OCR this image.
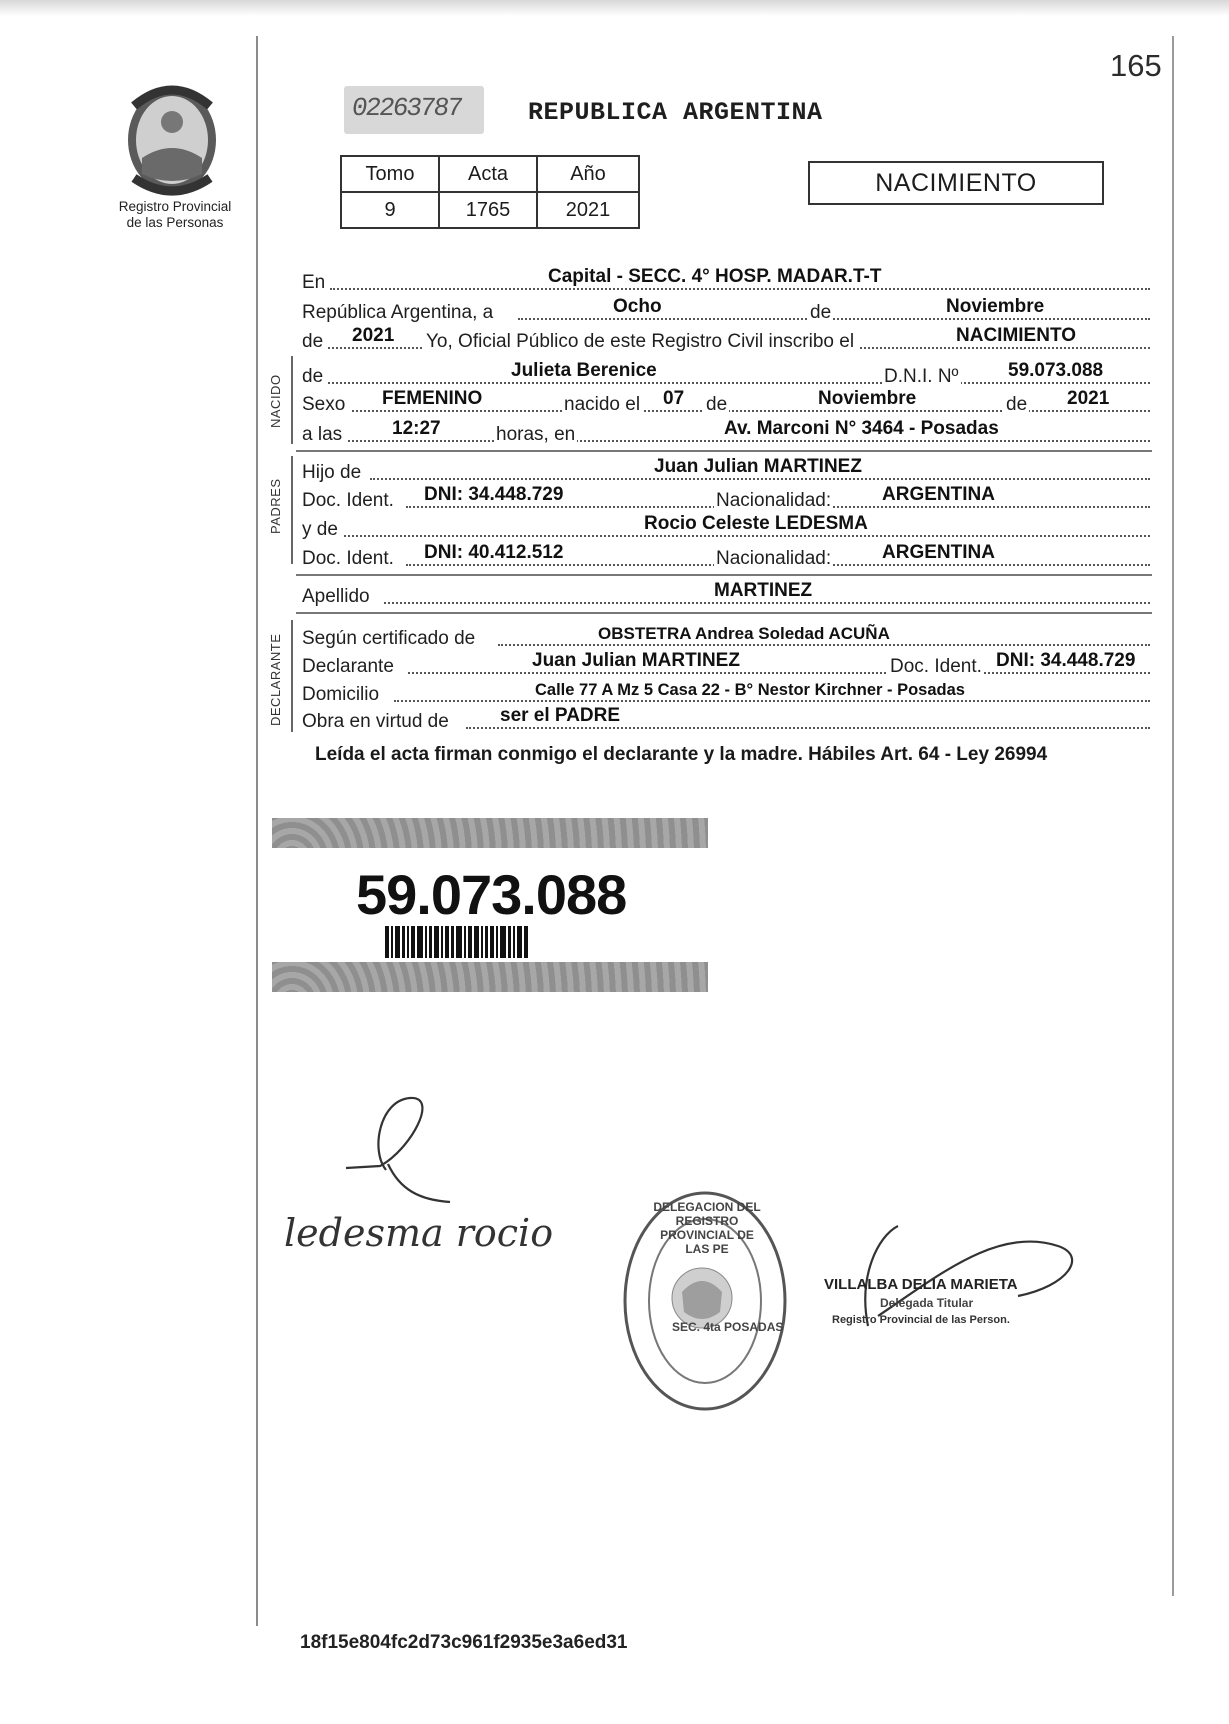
165
Registro Provincial
de las Personas
02263787	REPUBLICA ARGENTINA
Tomo	Acta	Año
9	1765	2021
NACIMIENTO
En	Capital - SECC. 4° HOSP. MADAR.T-T
República Argentina, a	Ocho	de	Noviembre
de 2021 Yo, Oficial Público de este Registro Civil inscribo el	NACIMIENTO
NACIDO de	Julieta Berenice	D.N.I. Nº	59.073.088
Sexo FEMENINO	nacido el 07 de	Noviembre	de 2021
a las	12:27	horas, en	Av. Marconi N° 3464 - Posadas
PADRES
Hijo de	Juan Julian MARTINEZ
Doc. Ident. DNI: 34.448.729	Nacionalidad:	ARGENTINA
y de	Rocio Celeste LEDESMA
Doc. Ident. DNI: 40.412.512	Nacionalidad:	ARGENTINA
Apellido	MARTINEZ
DECLARANTE Según certificado de	OBSTETRA Andrea Soledad ACUÑA
Declarante	Juan Julian MARTINEZ	Doc. Ident. DNI: 34.448.729
Domicilio	Calle 77 A Mz 5 Casa 22 - B° Nestor Kirchner - Posadas
Obra en virtud de	ser el PADRE
Leída el acta firman conmigo el declarante y la madre. Hábiles Art. 64 - Ley 26994
59.073.088
ledesma rocio
DELEGACION DEL REGISTRO PROVINCIAL DE LAS PE
SEC. 4ta POSADAS
VILLALBA DELIA MARIETA
Delegada Titular
Registro Provincial de las Person.
18f15e804fc2d73c961f2935e3a6ed31
